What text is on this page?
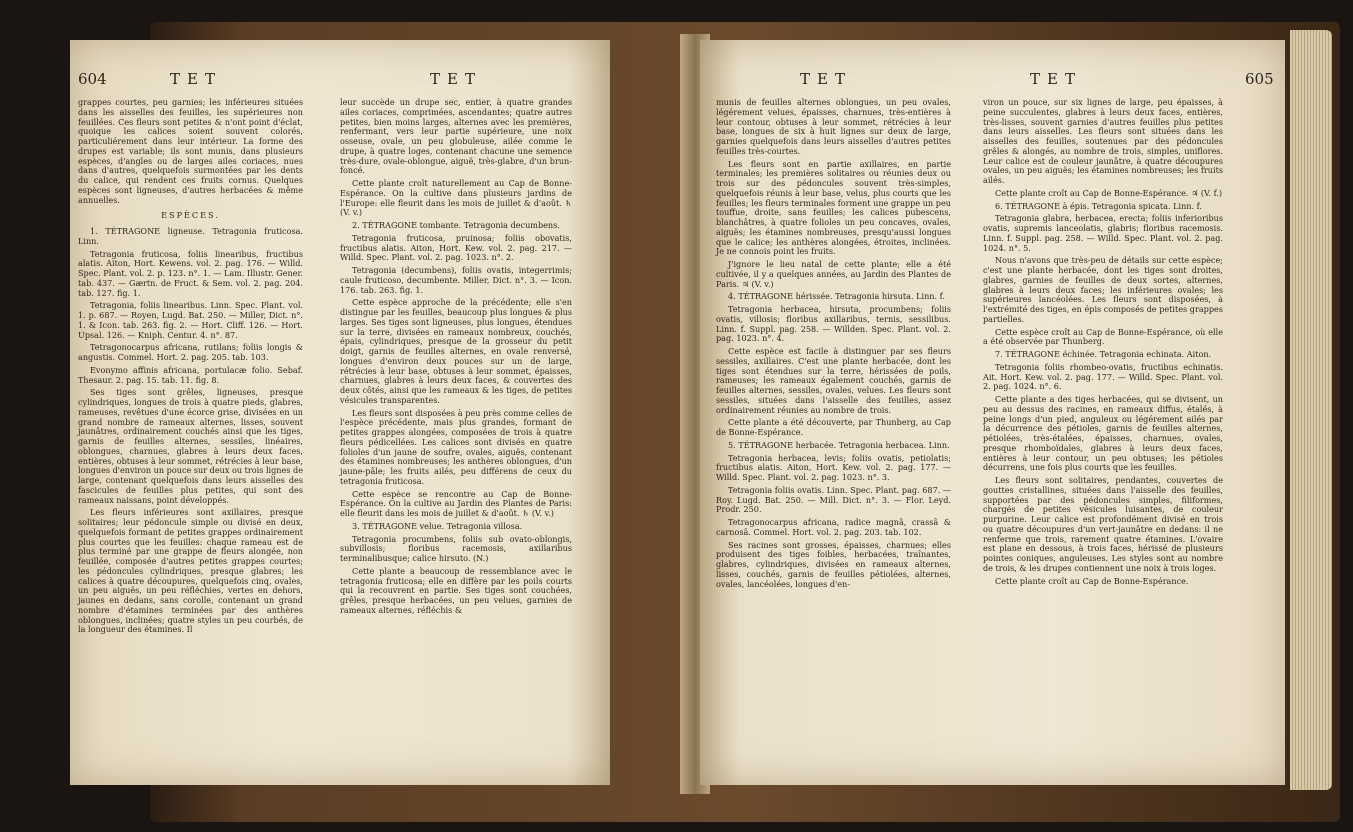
604	TET	TET

grappes courtes, peu garnies; les inférieures situées dans les aisselles des feuilles, les supérieures non feuillées. Ces fleurs sont petites & n'ont point d'éclat, quoique les calices soient souvent colorés, particuliérement dans leur intérieur. La forme des drupes est variable; ils sont munis, dans plusieurs espèces, d'angles ou de larges ailes coriaces, nues dans d'autres, quelquefois surmontées par les dents du calice, qui rendent ces fruits cornus. Quelques espèces sont ligneuses, d'autres herbacées & même annuelles.

ESPÈCES.

1. TÉTRAGONE ligneuse. Tetragonia fruticosa. Linn.

Tetragonia fruticosa, foliis linearibus, fructibus alatis. Aiton, Hort. Kewens. vol. 2. pag. 176. — Willd. Spec. Plant. vol. 2. p. 123. n°. 1. — Lam. Illustr. Gener. tab. 437. — Gærtn. de Fruct. & Sem. vol. 2. pag. 204. tab. 127. fig. 1.

Tetragonia, foliis linearibus. Linn. Spec. Plant. vol. 1. p. 687. — Royen, Lugd. Bat. 250. — Miller, Dict. n°. 1. & Icon. tab. 263. fig. 2. — Hort. Cliff. 126. — Hort. Upsal. 126. — Kniph. Centur. 4. n°. 87.

Tetragonocarpus africana, rutilans; foliis longis & angustis. Commel. Hort. 2. pag. 205. tab. 103.

Evonymo affinis africana, portulacæ folio. Sebaf. Thesaur. 2. pag. 15. tab. 11. fig. 8.

Ses tiges sont grêles, ligneuses, presque cylindriques, longues de trois à quatre pieds, glabres, rameuses, revêtues d'une écorce grise, divisées en un grand nombre de rameaux alternes, lisses, souvent jaunâtres, ordinairement couchés ainsi que les tiges, garnis de feuilles alternes, sessiles, linéaires, oblongues, charnues, glabres à leurs deux faces, entières, obtuses à leur sommet, rétrécies à leur base, longues d'environ un pouce sur deux ou trois lignes de large, contenant quelquefois dans leurs aisselles des fascicules de feuilles plus petites, qui sont des rameaux naissans, point développés.

Les fleurs inférieures sont axillaires, presque solitaires; leur pédoncule simple ou divisé en deux, quelquefois formant de petites grappes ordinairement plus courtes que les feuilles: chaque rameau est de plus terminé par une grappe de fleurs alongée, non feuillée, composée d'autres petites grappes courtes; les pédoncules cylindriques, presque glabres; les calices à quatre découpures, quelquefois cinq, ovales, un peu aiguës, un peu réfléchies, vertes en dehors, jaunes en dedans, sans corolle, contenant un grand nombre d'étamines terminées par des anthères oblongues, inclinées; quatre styles un peu courbés, de la longueur des étamines. Il

leur succède un drupe sec, entier, à quatre grandes ailes coriaces, comprimées, ascendantes; quatre autres petites, bien moins larges, alternes avec les premières, renfermant, vers leur partie supérieure, une noix osseuse, ovale, un peu globuleuse, ailée comme le drupe, à quatre loges, contenant chacune une semence très-dure, ovale-oblongue, aiguë, très-glabre, d'un brun-foncé.

Cette plante croît naturellement au Cap de Bonne-Espérance. On la cultive dans plusieurs jardins de l'Europe: elle fleurit dans les mois de juillet & d'août. ♄ (V. v.)

2. TÉTRAGONE tombante. Tetragonia decumbens.

Tetragonia fruticosa, pruinosa; foliis obovatis, fructibus alatis. Aiton, Hort. Kew. vol. 2. pag. 217. — Willd. Spec. Plant. vol. 2. pag. 1023. n°. 2.

Tetragonia (decumbens), foliis ovatis, integerrimis; caule fruticoso, decumbente. Miller, Dict. n°. 3. — Icon. 176. tab. 263. fig. 1.

Cette espèce approche de la précédente; elle s'en distingue par les feuilles, beaucoup plus longues & plus larges. Ses tiges sont ligneuses, plus longues, étendues sur la terre, divisées en rameaux nombreux, couchés, épais, cylindriques, presque de la grosseur du petit doigt, garnis de feuilles alternes, en ovale renversé, longues d'environ deux pouces sur un de large, rétrécies à leur base, obtuses à leur sommet, épaisses, charnues, glabres à leurs deux faces, & couvertes des deux côtés, ainsi que les rameaux & les tiges, de petites vésicules transparentes.

Les fleurs sont disposées à peu près comme celles de l'espèce précédente, mais plus grandes, formant de petites grappes alongées, composées de trois à quatre fleurs pédicellées. Les calices sont divisés en quatre folioles d'un jaune de soufre, ovales, aiguës, contenant des étamines nombreuses; les anthères oblongues, d'un jaune-pâle; les fruits ailés, peu différens de ceux du tetragonia fruticosa.

Cette espèce se rencontre au Cap de Bonne-Espérance. On la cultive au Jardin des Plantes de Paris: elle fleurit dans les mois de juillet & d'août. ♄ (V. v.)

3. TÉTRAGONE velue. Tetragonia villosa.

Tetragonia procumbens, foliis sub ovato-oblongis, subvillosis; floribus racemosis, axillaribus terminalibusque; calice hirsuto. (N.)

Cette plante a beaucoup de ressemblance avec le tetragonia fruticosa; elle en diffère par les poils courts qui la recouvrent en partie. Ses tiges sont couchées, grêles, presque herbacées, un peu velues, garnies de rameaux alternes, réfléchis &

TET	TET	605

munis de feuilles alternes oblongues, un peu ovales, légérement velues, épaisses, charnues, très-entières à leur contour, obtuses à leur sommet, rétrécies à leur base, longues de six à huit lignes sur deux de large, garnies quelquefois dans leurs aisselles d'autres petites feuilles très-courtes.

Les fleurs sont en partie axillaires, en partie terminales; les premières solitaires ou réunies deux ou trois sur des pédoncules souvent très-simples, quelquefois réunis à leur base, velus, plus courts que les feuilles; les fleurs terminales forment une grappe un peu touffue, droite, sans feuilles; les calices pubescens, blanchâtres, à quatre folioles un peu concaves, ovales, aiguës; les étamines nombreuses, presqu'aussi longues que le calice; les anthères alongées, étroites, inclinées. Je ne connois point les fruits.

J'ignore le lieu natal de cette plante; elle a été cultivée, il y a quelques années, au Jardin des Plantes de Paris. ♃ (V. v.)

4. TÉTRAGONE hérissée. Tetragonia hirsuta. Linn. f.

Tetragonia herbacea, hirsuta, procumbens; foliis ovatis, villosis; floribus axillaribus, ternis, sessilibus. Linn. f. Suppl. pag. 258. — Willden. Spec. Plant. vol. 2. pag. 1023. n°. 4.

Cette espèce est facile à distinguer par ses fleurs sessiles, axillaires. C'est une plante herbacée, dont les tiges sont étendues sur la terre, hérissées de poils, rameuses; les rameaux également couchés, garnis de feuilles alternes, sessiles, ovales, velues. Les fleurs sont sessiles, situées dans l'aisselle des feuilles, assez ordinairement réunies au nombre de trois.

Cette plante a été découverte, par Thunberg, au Cap de Bonne-Espérance.

5. TÉTRAGONE herbacée. Tetragonia herbacea. Linn.

Tetragonia herbacea, levis; foliis ovatis, petiolatis; fructibus alatis. Aiton, Hort. Kew. vol. 2. pag. 177. — Willd. Spec. Plant. vol. 2. pag. 1023. n°. 3.

Tetragonia foliis ovatis. Linn. Spec. Plant. pag. 687. — Roy. Lugd. Bat. 250. — Mill. Dict. n°. 3. — Flor. Leyd. Prodr. 250.

Tetragonocarpus africana, radice magnâ, crassâ & carnosâ. Commel. Hort. vol. 2. pag. 203. tab. 102.

Ses racines sont grosses, épaisses, charnues; elles produisent des tiges foibles, herbacées, traînantes, glabres, cylindriques, divisées en rameaux alternes, lisses, couchés, garnis de feuilles pétiolées, alternes, ovales, lancéolées, longues d'en-

viron un pouce, sur six lignes de large, peu épaisses, à peine succulentes, glabres à leurs deux faces, entières, très-lisses, souvent garnies d'autres feuilles plus petites dans leurs aisselles. Les fleurs sont situées dans les aisselles des feuilles, soutenues par des pédoncules grêles & alongés, au nombre de trois, simples, uniflores. Leur calice est de couleur jaunâtre, à quatre découpures ovales, un peu aiguës; les étamines nombreuses; les fruits ailés.

Cette plante croît au Cap de Bonne-Espérance. ♃ (V. f.)

6. TÉTRAGONE à épis. Tetragonia spicata. Linn. f.

Tetragonia glabra, herbacea, erecta; foliis inferioribus ovatis, supremis lanceolatis, glabris; floribus racemosis. Linn. f. Suppl. pag. 258. — Willd. Spec. Plant. vol. 2. pag. 1024. n°. 5.

Nous n'avons que très-peu de détails sur cette espèce; c'est une plante herbacée, dont les tiges sont droites, glabres, garnies de feuilles de deux sortes, alternes, glabres à leurs deux faces; les inférieures ovales; les supérieures lancéolées. Les fleurs sont disposées, à l'extrémité des tiges, en épis composés de petites grappes partielles.

Cette espèce croît au Cap de Bonne-Espérance, où elle a été observée par Thunberg.

7. TÉTRAGONE échinée. Tetragonia echinata. Aiton.

Tetragonia foliis rhombeo-ovatis, fructibus echinatis. Ait. Hort. Kew. vol. 2. pag. 177. — Willd. Spec. Plant. vol. 2. pag. 1024. n°. 6.

Cette plante a des tiges herbacées, qui se divisent, un peu au dessus des racines, en rameaux diffus, étalés, à peine longs d'un pied, anguleux ou légérement ailés par la décurrence des pétioles, garnis de feuilles alternes, pétiolées, très-étalées, épaisses, charnues, ovales, presque rhomboïdales, glabres à leurs deux faces, entières à leur contour, un peu obtuses; les pétioles décurrens, une fois plus courts que les feuilles.

Les fleurs sont solitaires, pendantes, couvertes de gouttes cristallines, situées dans l'aisselle des feuilles, supportées par des pédoncules simples, filiformes, chargés de petites vésicules luisantes, de couleur purpurine. Leur calice est profondément divisé en trois ou quatre découpures d'un vert-jaunâtre en dedans: il ne renferme que trois, rarement quatre étamines. L'ovaire est plane en dessous, à trois faces, hérissé de plusieurs pointes coniques, anguleuses. Les styles sont au nombre de trois, & les drupes contiennent une noix à trois loges.

Cette plante croît au Cap de Bonne-Espérance.
